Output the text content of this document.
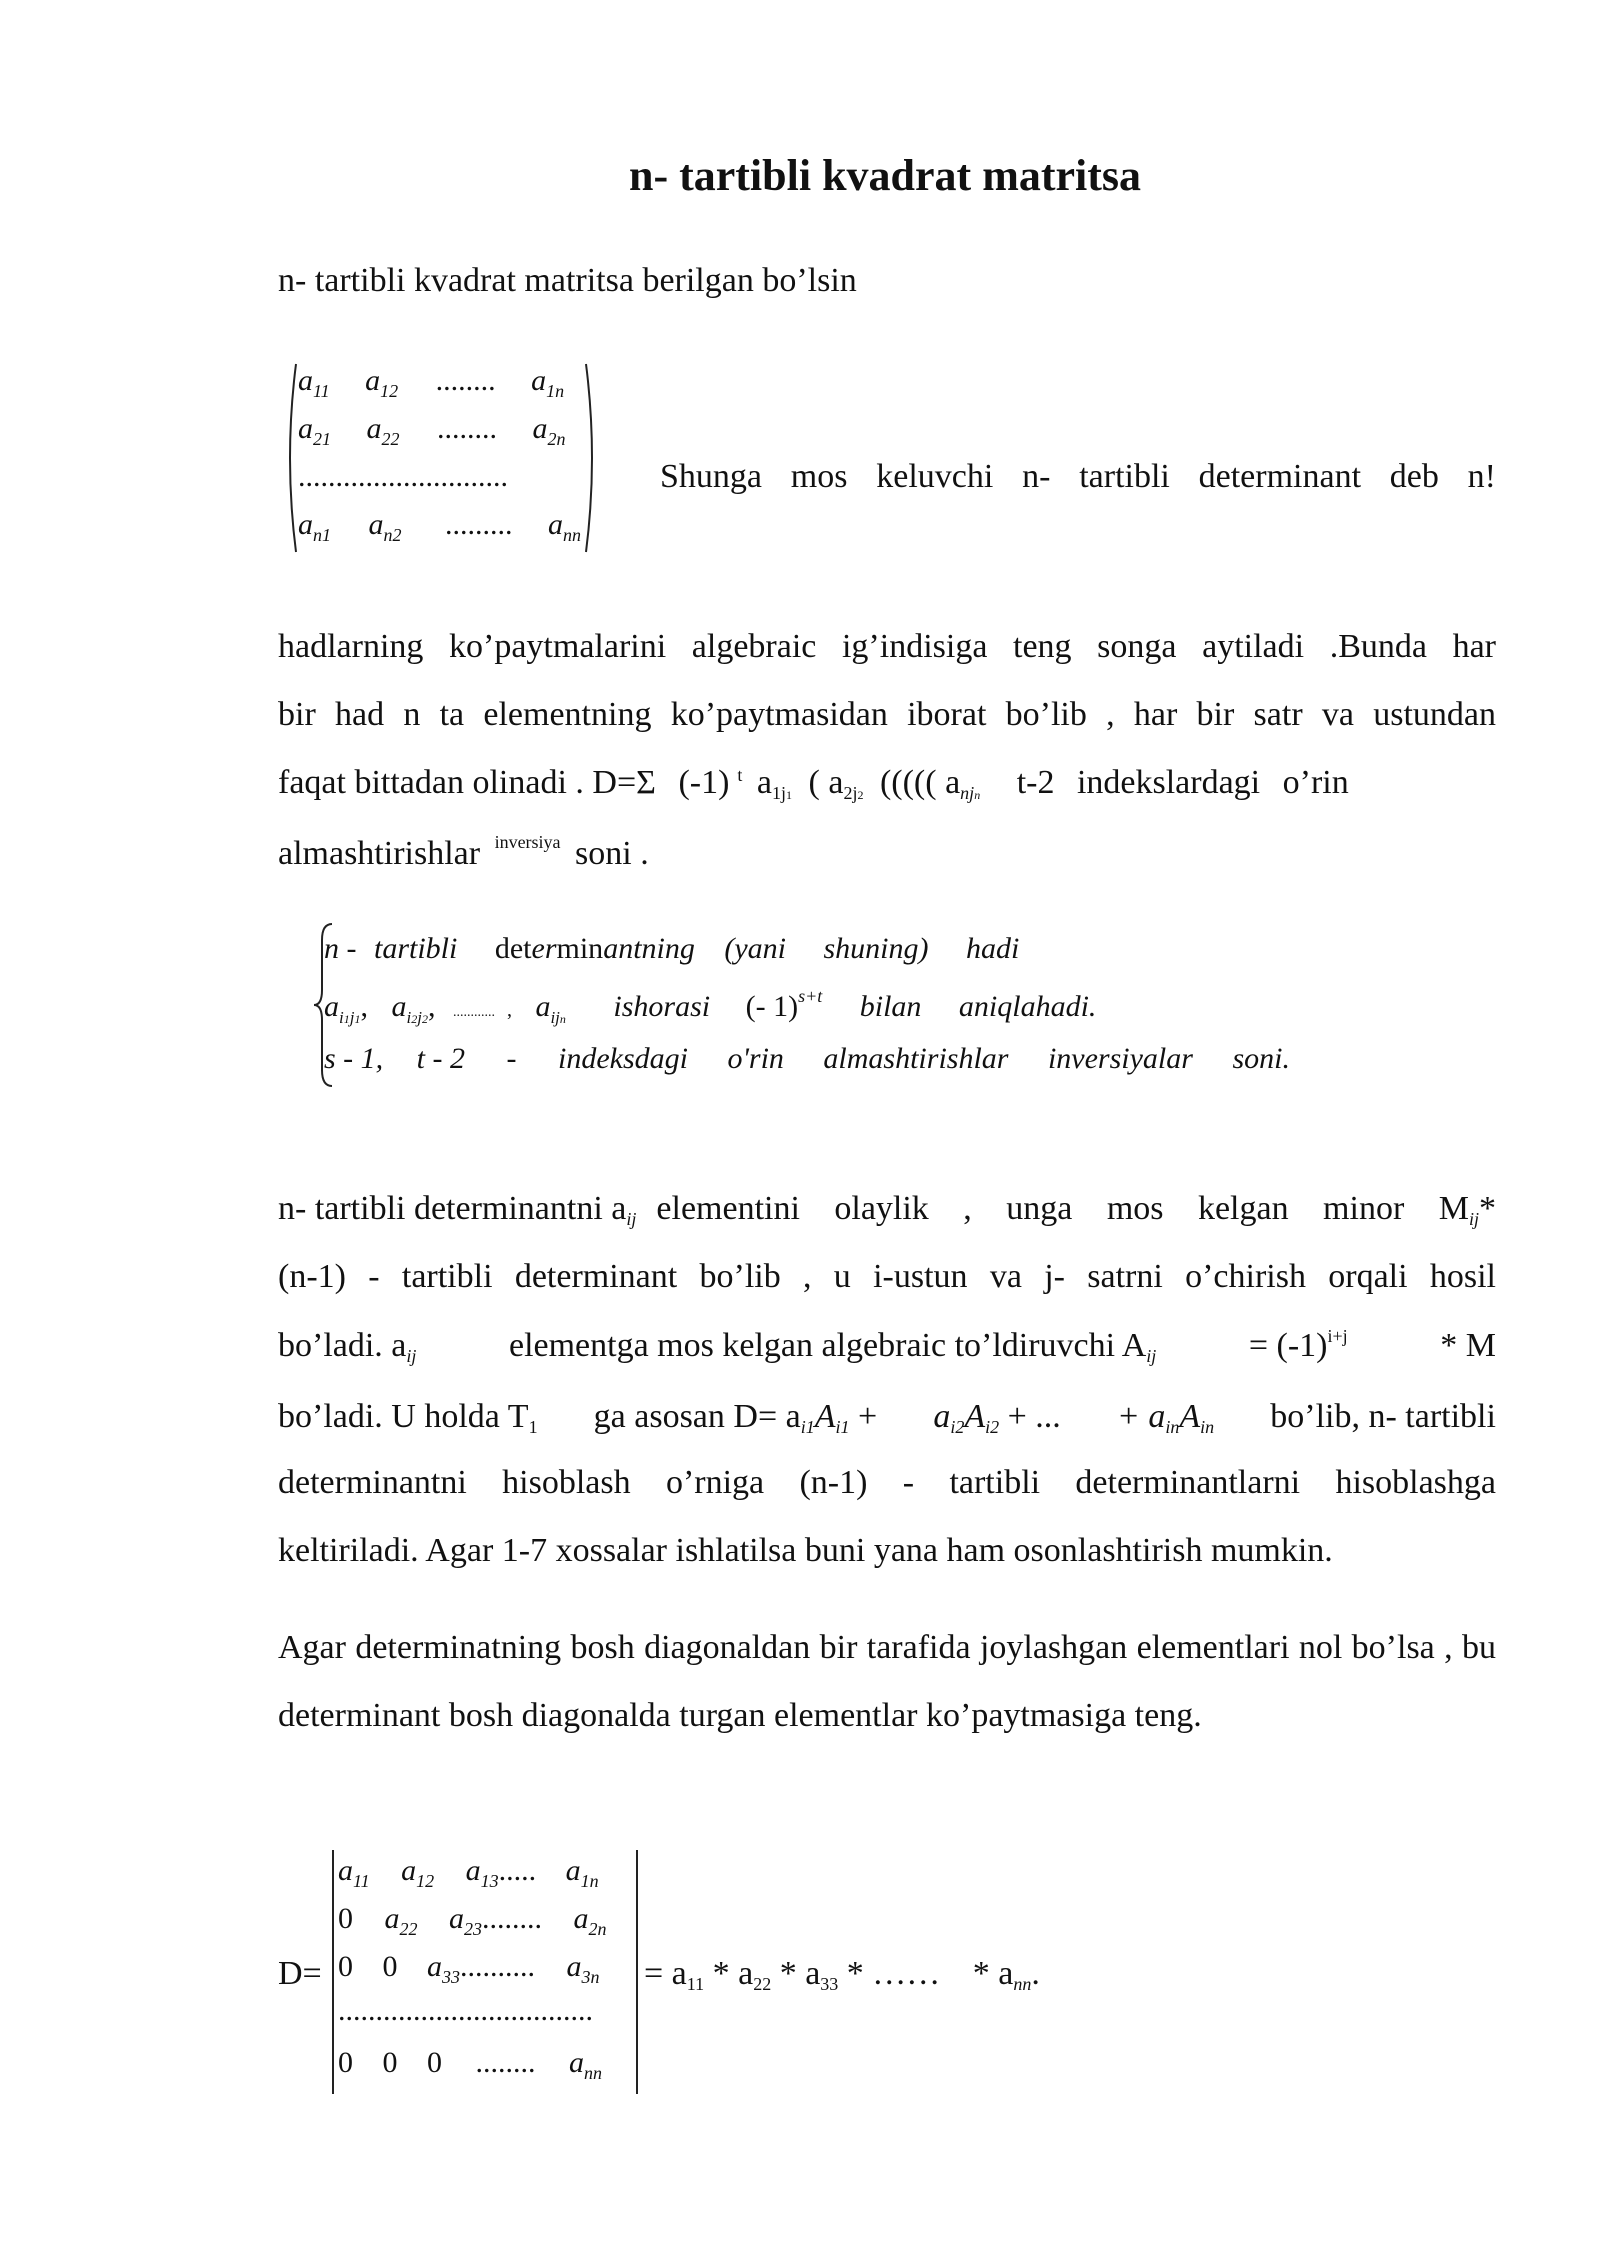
n- tartibli kvadrat matritsa
n- tartibli kvadrat matritsa berilgan bo’lsin
$a_{11}$ $a_{12}$ ........ $a_{1n}$
$a_{21}$ $a_{22}$ ........ $a_{2n}$
............................
$a_{n1}$ $a_{n2}$ ......... $a_{nn}$
Shunga mos keluvchi n- tartibli determinant deb n!
hadlarning ko’paytmalarini algebraic ig’indisiga teng songa aytiladi .Bunda har
bir had n ta elementning ko’paytmasidan iborat bo’lib , har bir satr va ustundan
faqat bittadan olinadi . D=Σ (-1) $^t$ a1j1 ( a2j2 ((((( $a_{njn}$ t-2 indekslardagi o’rin
almashtirishlar $^{inversiya}$ soni .
n - tartibli determinantning (yani shuning) hadi
$a_{i1j1}$, $a_{i2j2}$, ............ , $a_{ijn}$ ishorasi (- 1)$^{s+t}$ bilan aniqlahadi.
s - 1, t - 2 - indeksdagi o'rin almashtirishlar inversiyalar soni.
n- tartibli determinantni $a_{ij}$ elementini olaylik , unga mos kelgan minor $M_{ij}*$
(n-1) - tartibli determinant bo’lib , u i-ustun va j- satrni o’chirish orqali hosil
bo’ladi. $a_{ij}$	elementga mos kelgan algebraic to’ldiruvchi $A_{ij}$	= $(-1)^{i+j}$	* M
bo’ladi. U holda T1 ga asosan $D= a_{i1}A_{i1} + a_{i2}A_{i2}$ + ... + $a_{in}A_{in}$ bo’lib, n- tartibli
determinantni hisoblash o’rniga (n-1) - tartibli determinantlarni hisoblashga
keltiriladi. Agar 1-7 xossalar ishlatilsa buni yana ham osonlashtirish mumkin.
Agar determinatning bosh diagonaldan bir tarafida joylashgan elementlari nol bo’lsa , bu determinant bosh diagonalda turgan elementlar ko’paytmasiga teng.
D=
$a_{11}$ $a_{12}$ $a_{13}$..... $a_{1n}$
0 $a_{22}$ $a_{23}$........ $a_{2n}$
0 0 $a_{33}$.......... $a_{3n}$
..................................
0 0 0 ........ $a_{nn}$
= a11 * a22 * a33 * …… * $a_{nn}$.
